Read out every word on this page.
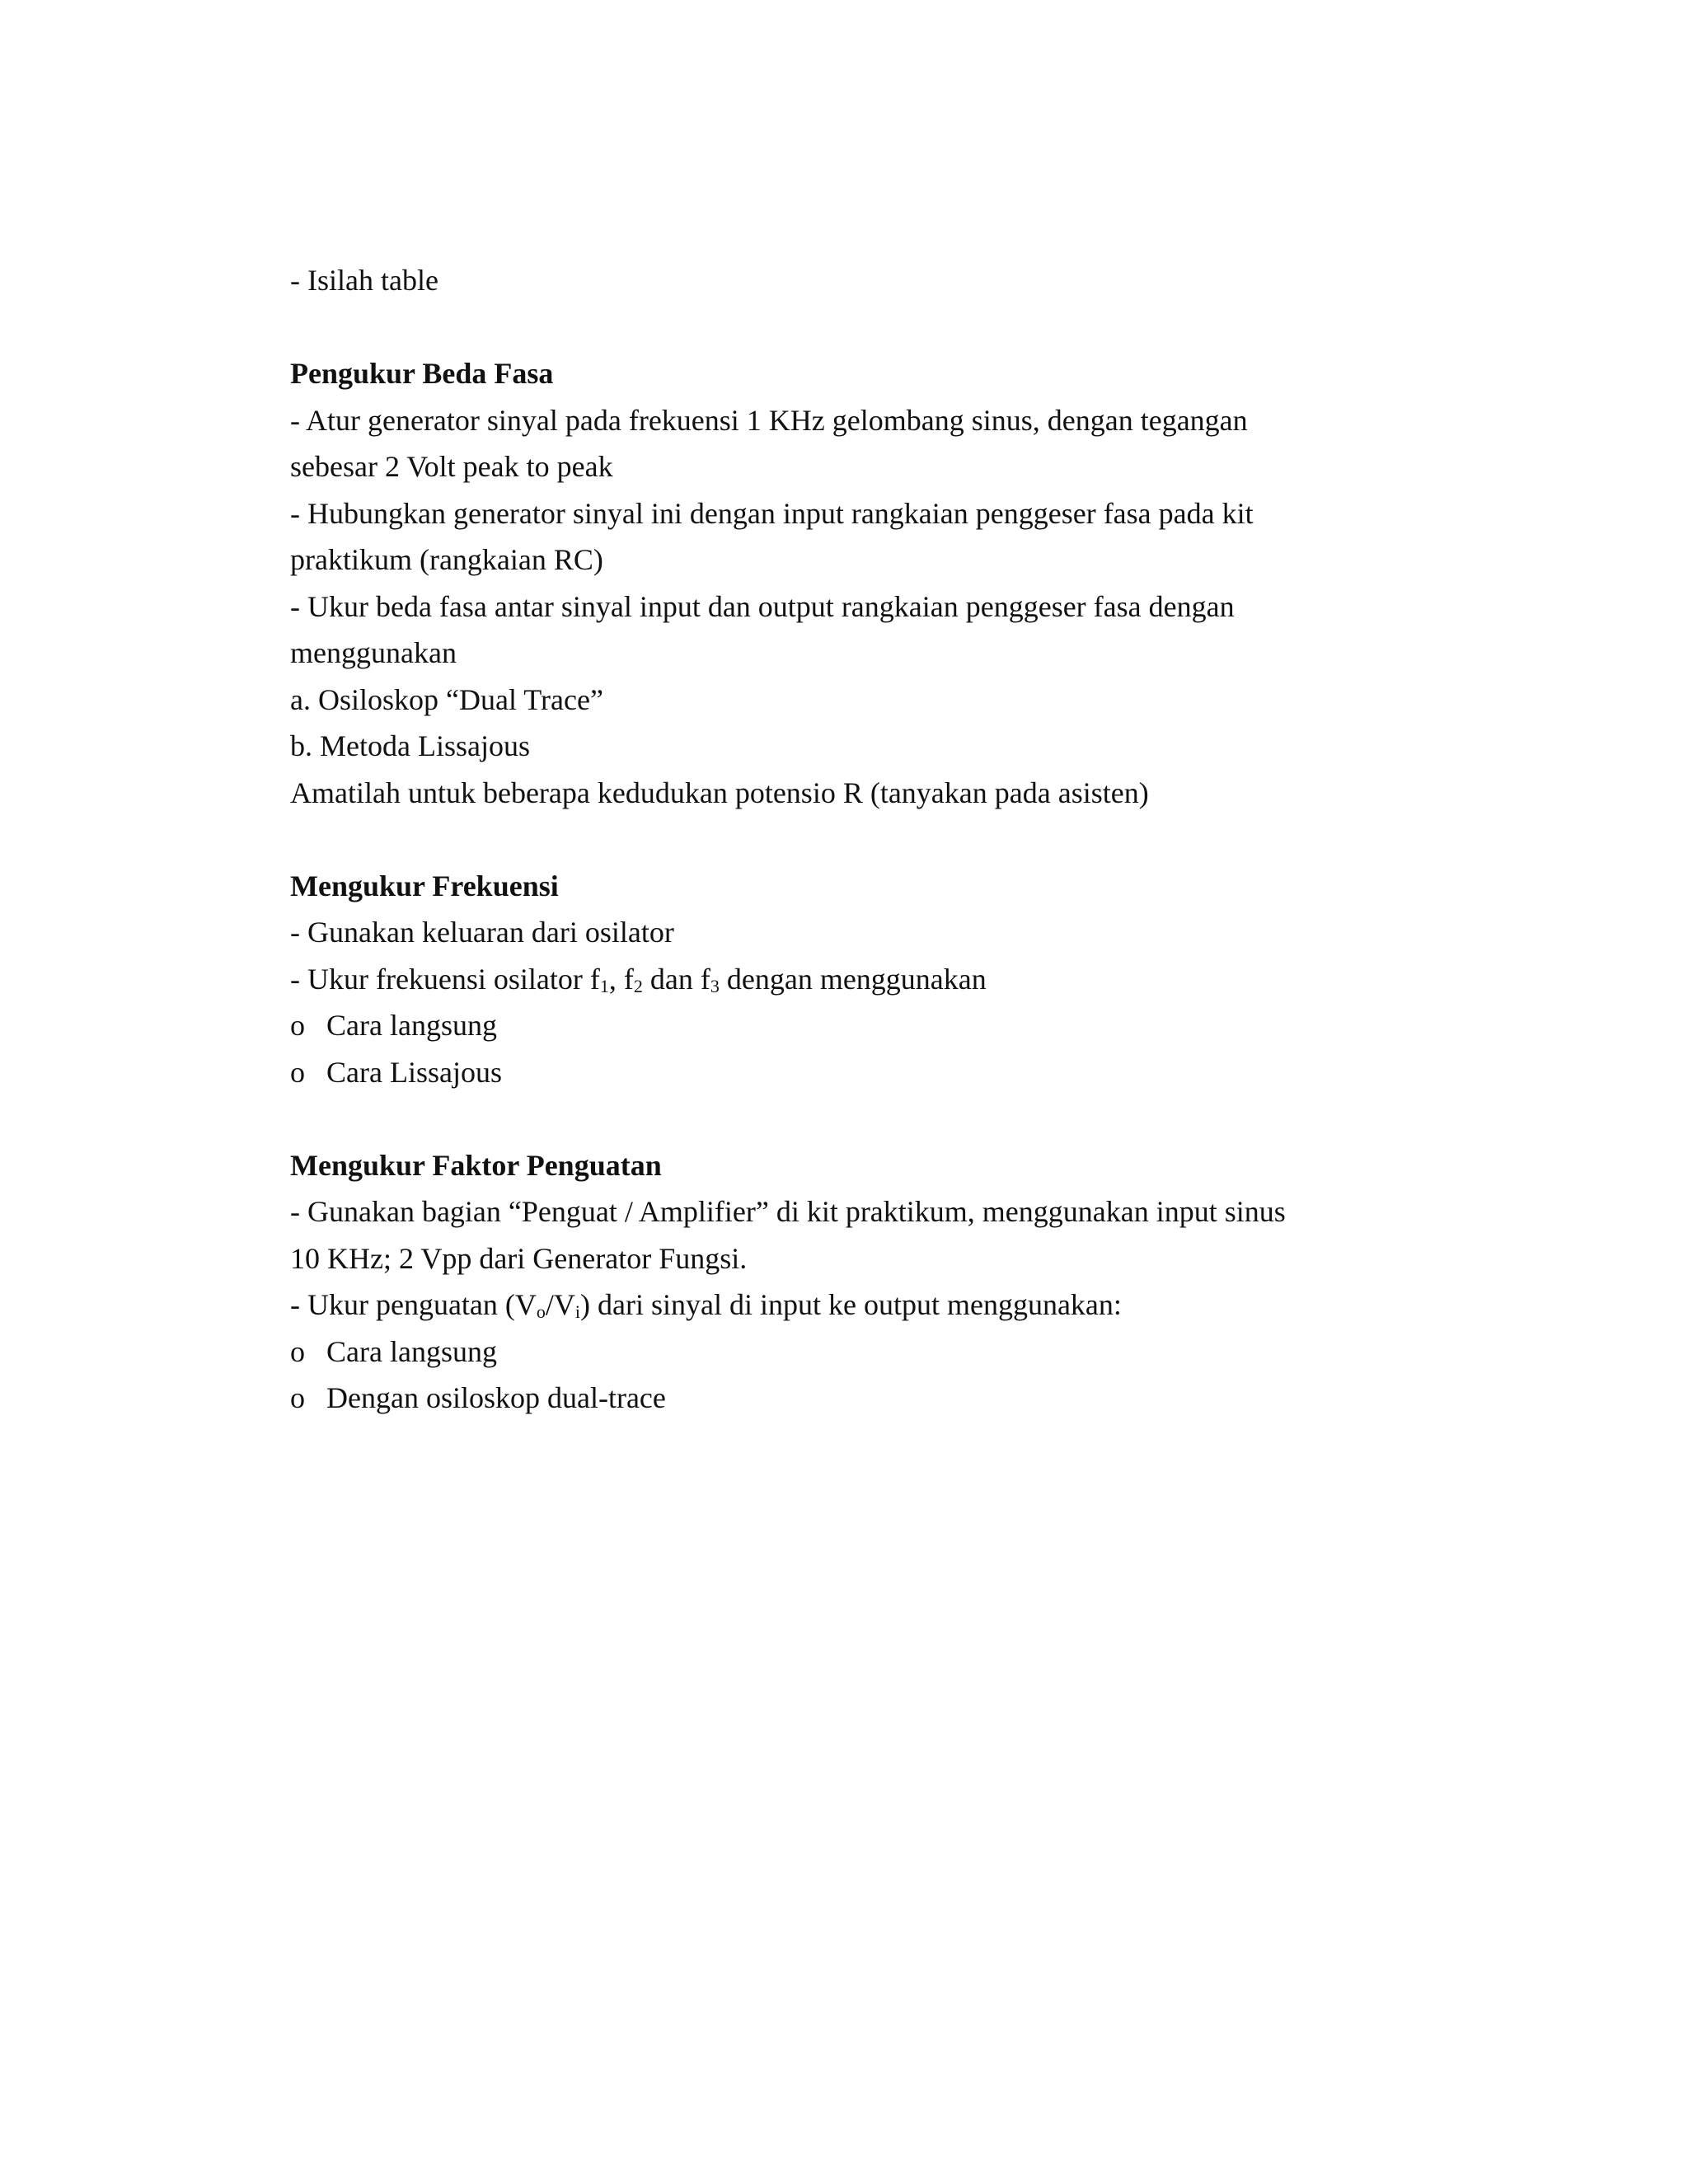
- Isilah table
Pengukur Beda Fasa
- Atur generator sinyal pada frekuensi 1 KHz gelombang sinus, dengan tegangan
sebesar 2 Volt peak to peak
- Hubungkan generator sinyal ini dengan input rangkaian penggeser fasa pada kit
praktikum (rangkaian RC)
- Ukur beda fasa antar sinyal input dan output rangkaian penggeser fasa dengan
menggunakan
a. Osiloskop “Dual Trace”
b. Metoda Lissajous
Amatilah untuk beberapa kedudukan potensio R (tanyakan pada asisten)
Mengukur Frekuensi
- Gunakan keluaran dari osilator
- Ukur frekuensi osilator $f_1$, $f_2$ dan $f_3$ dengan menggunakan
o Cara langsung
o Cara Lissajous
Mengukur Faktor Penguatan
- Gunakan bagian “Penguat / Amplifier” di kit praktikum, menggunakan input sinus
10 KHz; 2 Vpp dari Generator Fungsi.
- Ukur penguatan $(V_o/V_i)$ dari sinyal di input ke output menggunakan:
o Cara langsung
o Dengan osiloskop dual-trace
